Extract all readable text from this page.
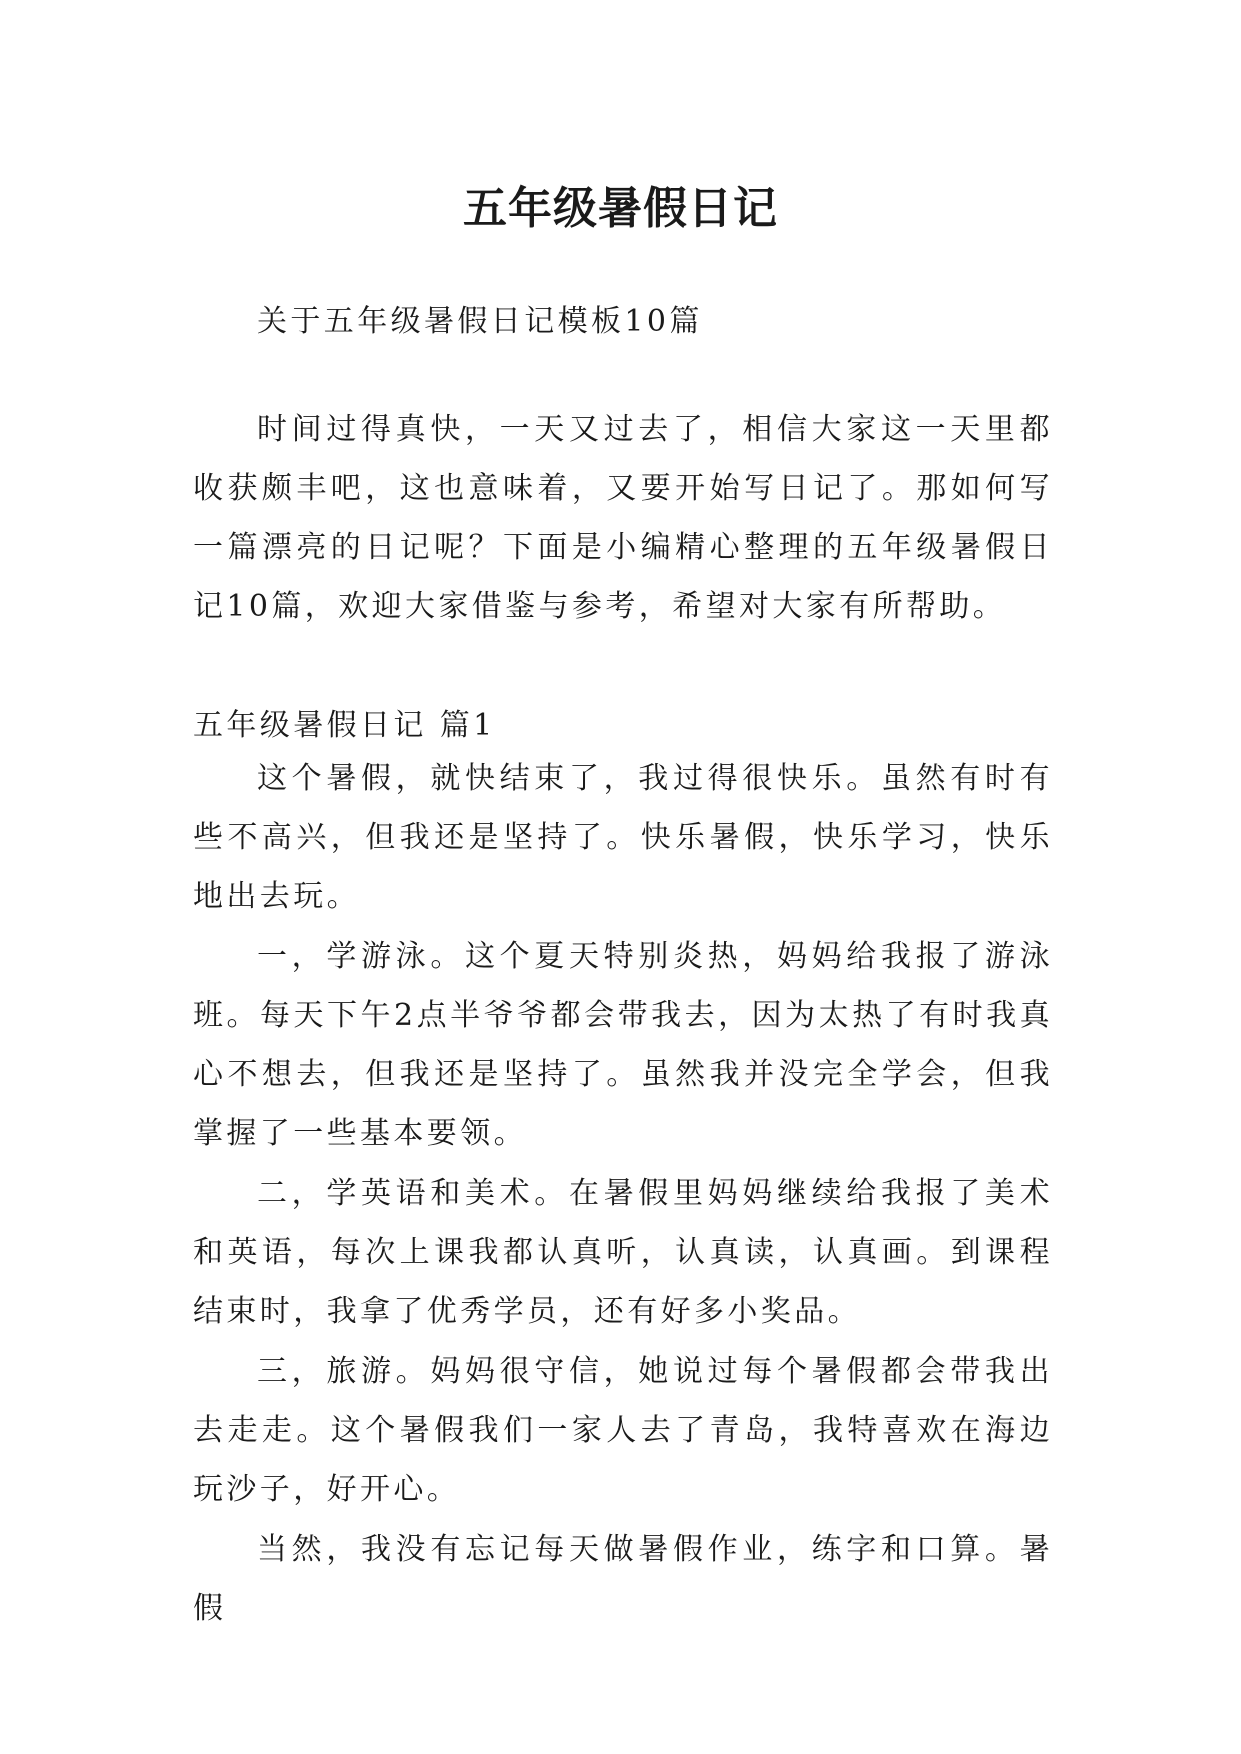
五年级暑假日记

关于五年级暑假日记模板10篇

时间过得真快，一天又过去了，相信大家这一天里都收获颇丰吧，这也意味着，又要开始写日记了。那如何写一篇漂亮的日记呢？下面是小编精心整理的五年级暑假日记10篇，欢迎大家借鉴与参考，希望对大家有所帮助。

五年级暑假日记 篇1

这个暑假，就快结束了，我过得很快乐。虽然有时有些不高兴，但我还是坚持了。快乐暑假，快乐学习，快乐地出去玩。

一，学游泳。这个夏天特别炎热，妈妈给我报了游泳班。每天下午2点半爷爷都会带我去，因为太热了有时我真心不想去，但我还是坚持了。虽然我并没完全学会，但我掌握了一些基本要领。

二，学英语和美术。在暑假里妈妈继续给我报了美术和英语，每次上课我都认真听，认真读，认真画。到课程结束时，我拿了优秀学员，还有好多小奖品。

三，旅游。妈妈很守信，她说过每个暑假都会带我出去走走。这个暑假我们一家人去了青岛，我特喜欢在海边玩沙子，好开心。

当然，我没有忘记每天做暑假作业，练字和口算。暑假
